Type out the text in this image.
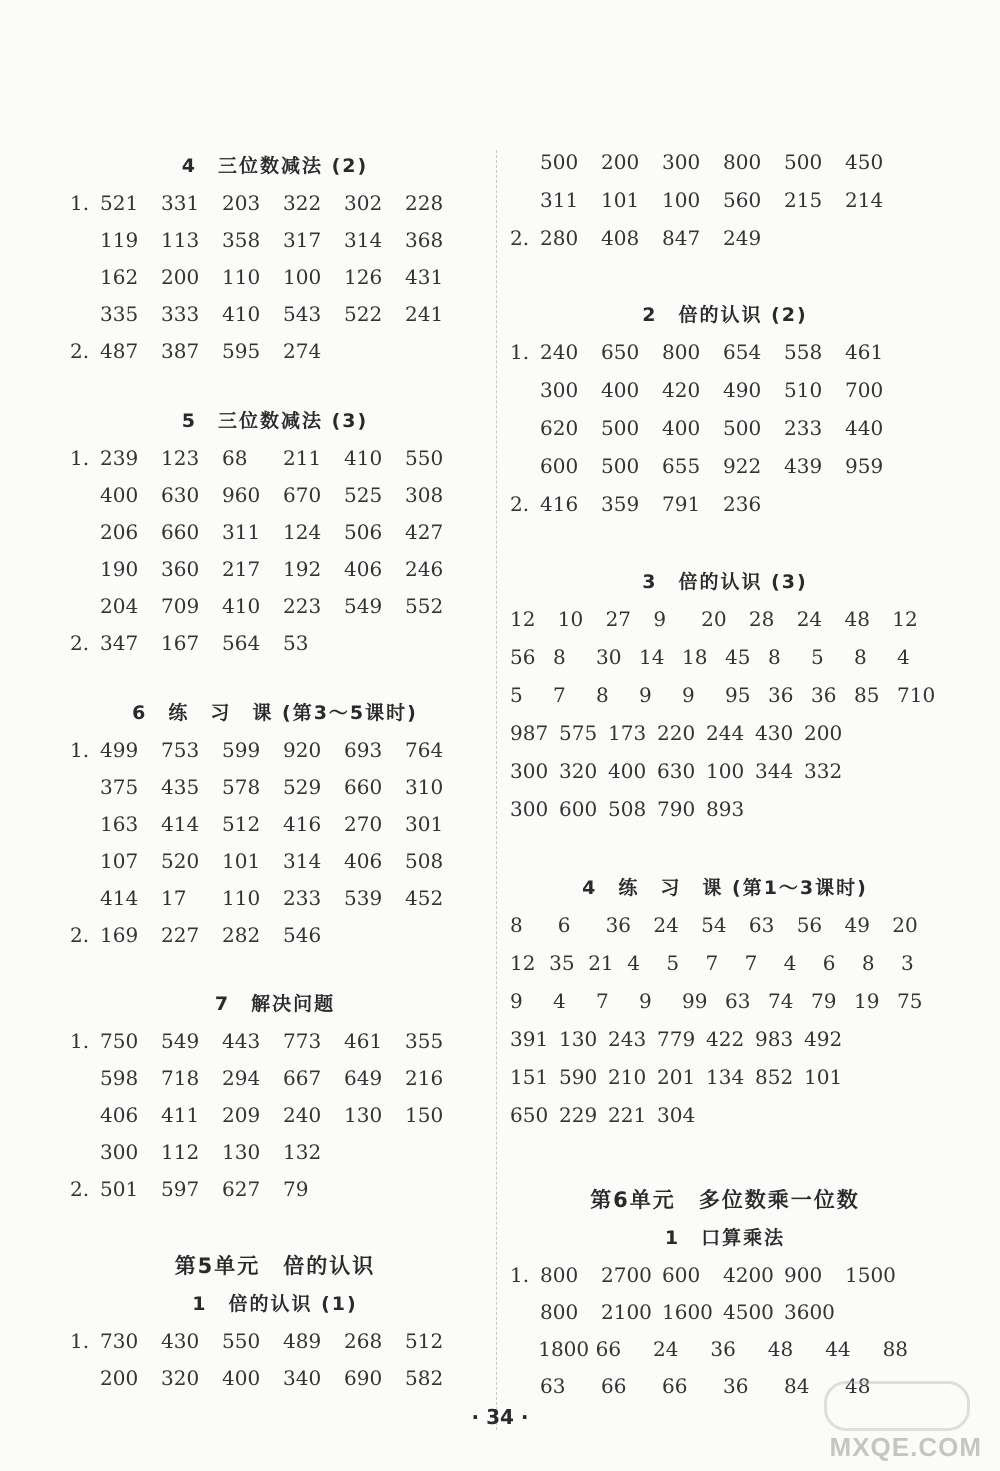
4　三位数减法 (2)
1. 521	331	203	322	302	228
119	113	358	317	314	368
162	200	110	100	126	431
335	333	410	543	522	241
2. 487	387	595	274
5　三位数减法 (3)
1. 239	123	68	211	410	550
400	630	960	670	525	308
206	660	311	124	506	427
190	360	217	192	406	246
204	709	410	223	549	552
2. 347	167	564	53
6　练　习　课 (第3～5课时)
1. 499	753	599	920	693	764
375	435	578	529	660	310
163	414	512	416	270	301
107	520	101	314	406	508
414	17	110	233	539	452
2. 169	227	282	546
7　解决问题
1. 750	549	443	773	461	355
598	718	294	667	649	216
406	411	209	240	130	150
300	112	130	132
2. 501	597	627	79
第5单元　倍的认识
1　倍的认识 (1)
1. 730	430	550	489	268	512
200	320	400	340	690	582
500	200	300	800	500	450
311	101	100	560	215	214
2. 280	408	847	249
2　倍的认识 (2)
1. 240	650	800	654	558	461
300	400	420	490	510	700
620	500	400	500	233	440
600	500	655	922	439	959
2. 416	359	791	236
3　倍的认识 (3)
12	10	27	9	20	28	24	48	12
56 8	30 14 18 45 8	5	8	4
5	7	8	9	9	95 36 36 85 710
987 575 173 220 244 430 200
300 320 400 630 100 344 332
300 600 508 790 893
4　练　习　课 (第1～3课时)
8	6	36	24	54	63	56	49	20
12 35 21 4	5	7	7	4	6	8	3
9	4	7	9	99 63 74 79 19 75
391 130 243 779 422 983 492
151 590 210 201 134 852 101
650 229 221 304
第6单元　多位数乘一位数
1　口算乘法
1. 800	2700 600	4200 900	1500
800	2100 1600 4500 3600
1800 66	24	36	48	44	88
63	66	66	36	84	48
· 34 ·
MXQE.COM
